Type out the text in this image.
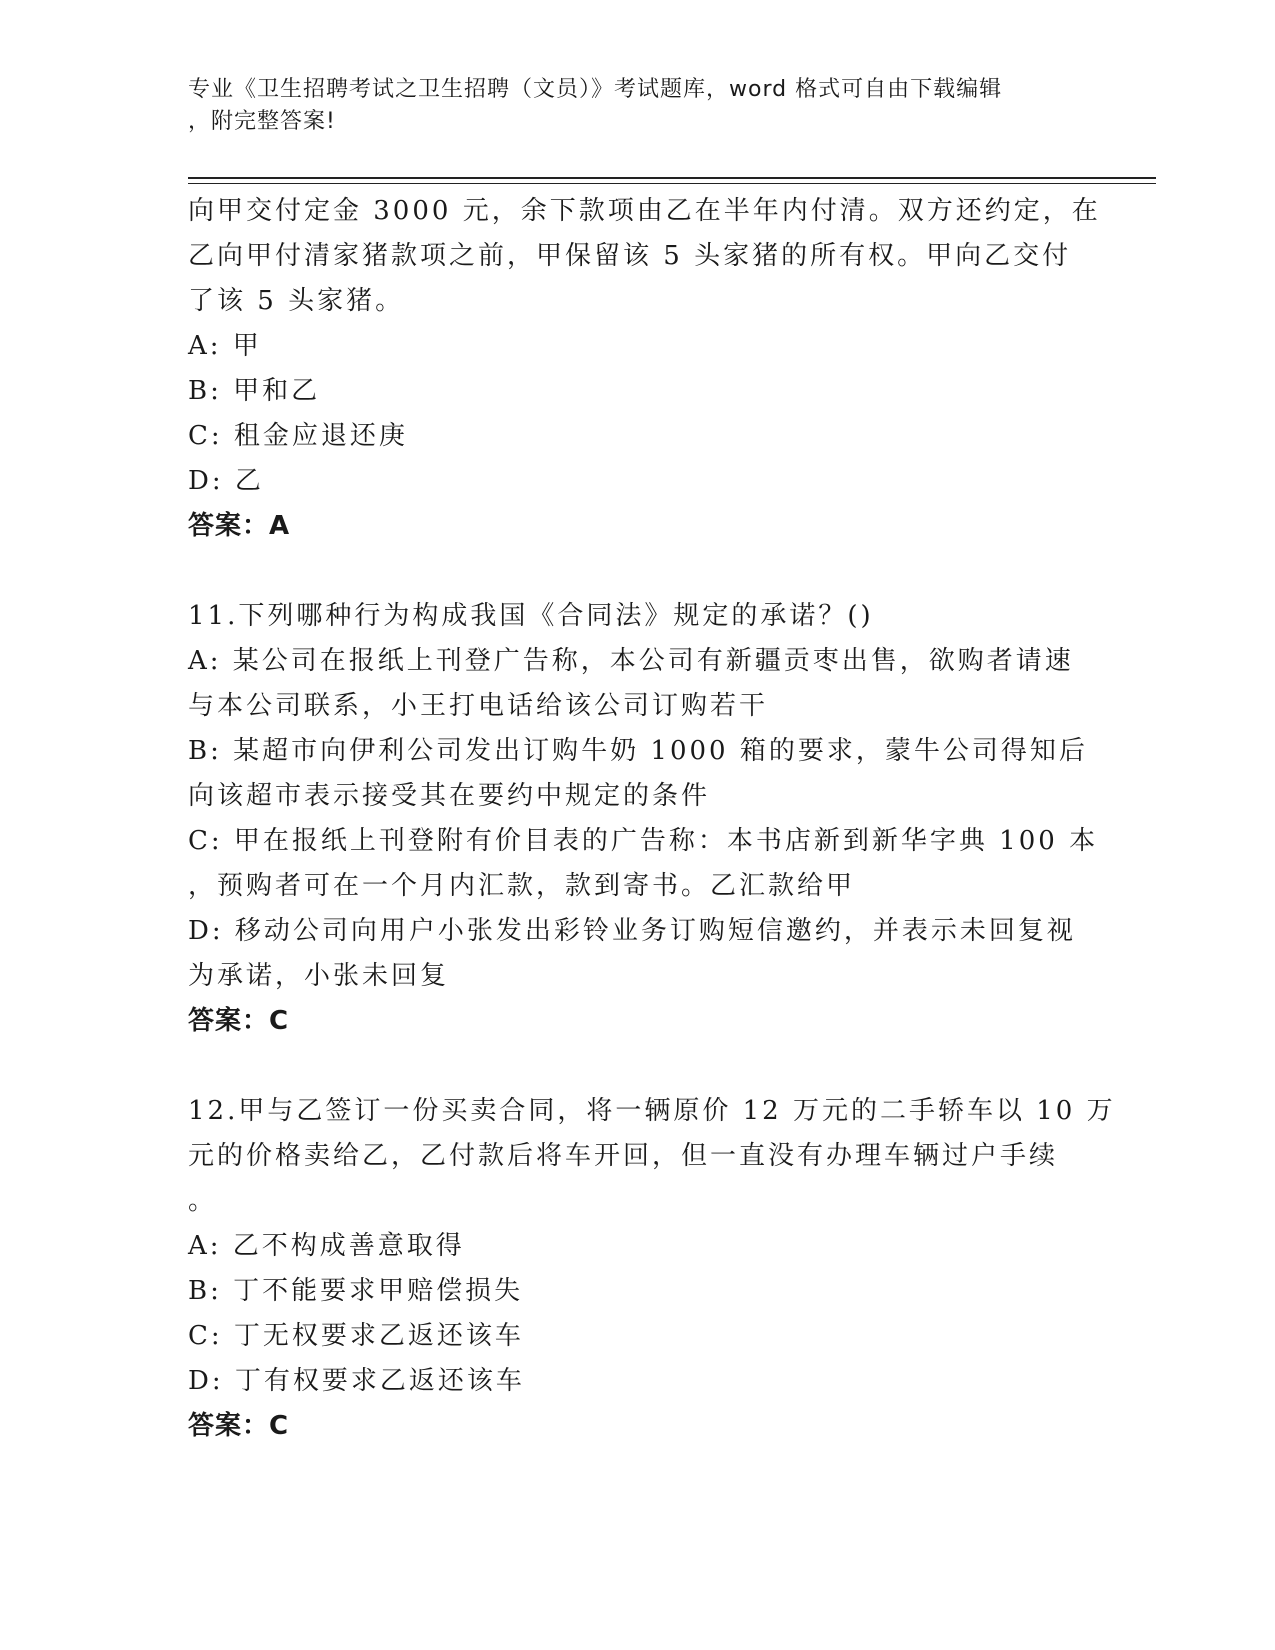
专业《卫生招聘考试之卫生招聘（文员）》考试题库，word 格式可自由下载编辑
，附完整答案!
向甲交付定金 3000 元，余下款项由乙在半年内付清。双方还约定，在
乙向甲付清家猪款项之前，甲保留该 5 头家猪的所有权。甲向乙交付
了该 5 头家猪。
A: 甲
B: 甲和乙
C: 租金应退还庚
D: 乙
答案：A
11.下列哪种行为构成我国《合同法》规定的承诺？()
A: 某公司在报纸上刊登广告称，本公司有新疆贡枣出售，欲购者请速
与本公司联系，小王打电话给该公司订购若干
B: 某超市向伊利公司发出订购牛奶 1000 箱的要求，蒙牛公司得知后
向该超市表示接受其在要约中规定的条件
C: 甲在报纸上刊登附有价目表的广告称：本书店新到新华字典 100 本
，预购者可在一个月内汇款，款到寄书。乙汇款给甲
D: 移动公司向用户小张发出彩铃业务订购短信邀约，并表示未回复视
为承诺，小张未回复
答案：C
12.甲与乙签订一份买卖合同，将一辆原价 12 万元的二手轿车以 10 万
元的价格卖给乙，乙付款后将车开回，但一直没有办理车辆过户手续
。
A: 乙不构成善意取得
B: 丁不能要求甲赔偿损失
C: 丁无权要求乙返还该车
D: 丁有权要求乙返还该车
答案：C
